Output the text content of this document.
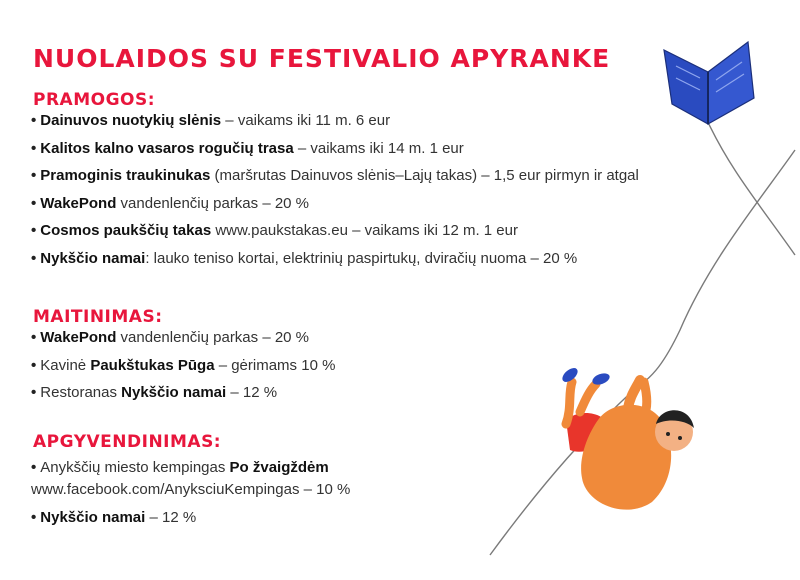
NUOLAIDOS SU FESTIVALIO APYRANKE
PRAMOGOS:
• Dainuvos nuotykių slėnis – vaikams iki 11 m. 6 eur
• Kalitos kalno vasaros rogučių trasa – vaikams iki 14 m. 1 eur
• Pramoginis traukinukas (maršrutas Dainuvos slėnis–Lajų takas) – 1,5 eur pirmyn ir atgal
• WakePond vandenlenčių parkas – 20 %
• Cosmos paukščių takas www.paukstakas.eu – vaikams iki 12 m. 1 eur
• Nykščio namai: lauko teniso kortai, elektrinių paspirtukų, dviračių nuoma – 20 %
MAITINIMAS:
• WakePond vandenlenčių parkas – 20 %
• Kavinė Paukštukas Pūga – gėrimams 10 %
• Restoranas Nykščio namai – 12 %
APGYVENDINIMAS:
• Anykščių miesto kempingas Po žvaigždėm
www.facebook.com/AnyksciuKempingas – 10 %
• Nykščio namai – 12 %
